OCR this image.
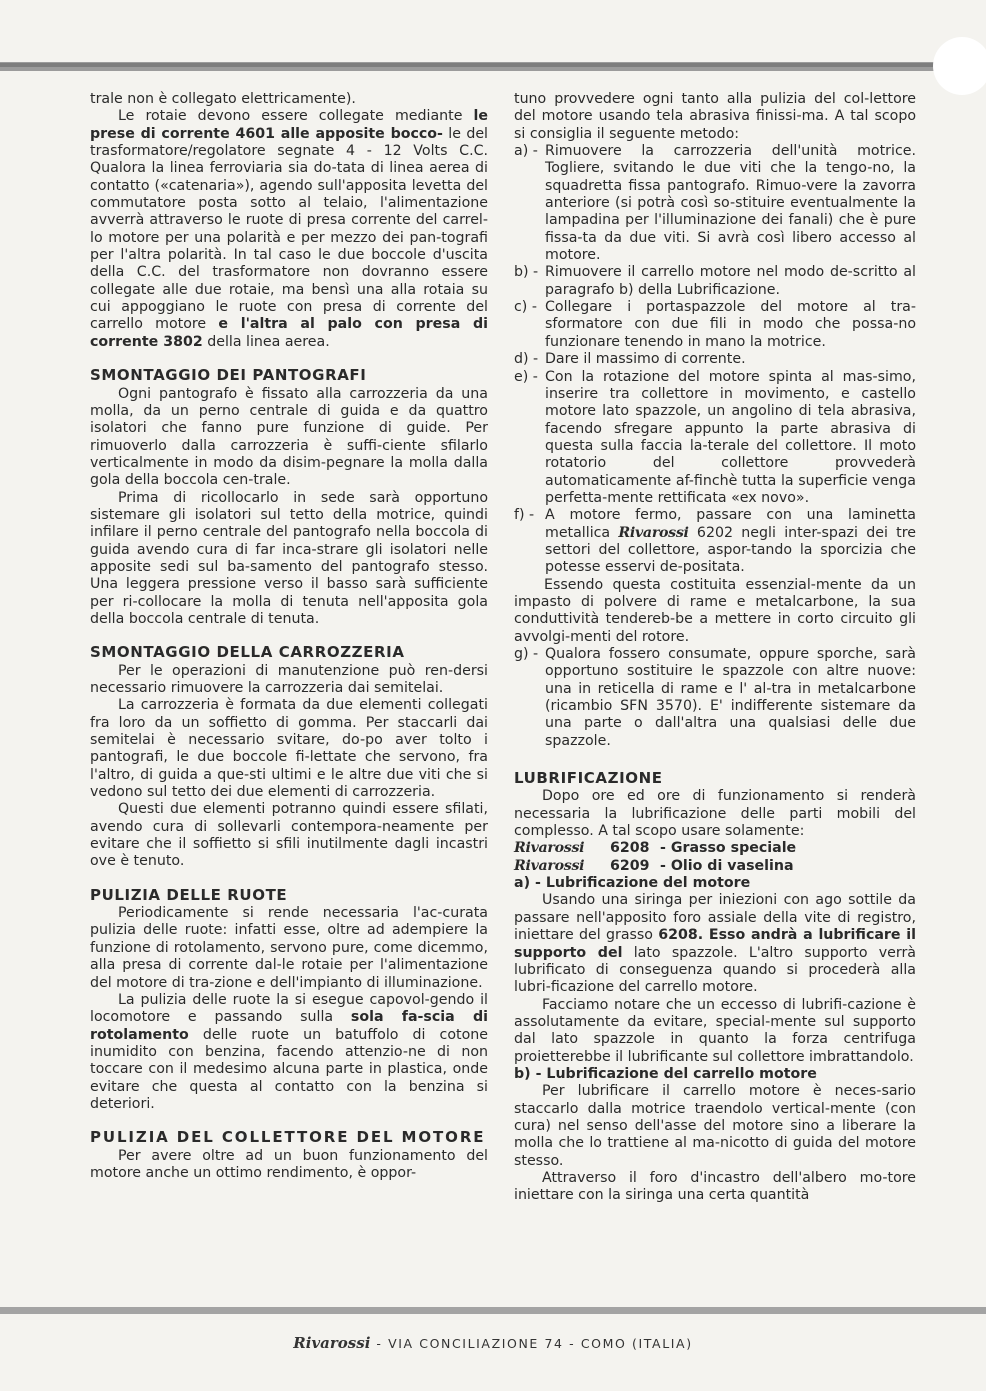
trale non è collegato elettricamente).

Le rotaie devono essere collegate mediante le prese di corrente 4601 alle apposite bocco- le del trasformatore/regolatore segnate 4 - 12 Volts C.C. Qualora la linea ferroviaria sia do-tata di linea aerea di contatto («catenaria»), agendo sull'apposita levetta del commutatore posta sotto al telaio, l'alimentazione avverrà attraverso le ruote di presa corrente del carrel-lo motore per una polarità e per mezzo dei pan-tografi per l'altra polarità. In tal caso le due boccole d'uscita della C.C. del trasformatore non dovranno essere collegate alle due rotaie, ma bensì una alla rotaia su cui appoggiano le ruote con presa di corrente del carrello motore e l'altra al palo con presa di corrente 3802 della linea aerea.

SMONTAGGIO DEI PANTOGRAFI

Ogni pantografo è fissato alla carrozzeria da una molla, da un perno centrale di guida e da quattro isolatori che fanno pure funzione di guide. Per rimuoverlo dalla carrozzeria è suffi-ciente sfilarlo verticalmente in modo da disim-pegnare la molla dalla gola della boccola cen-trale.

Prima di ricollocarlo in sede sarà opportuno sistemare gli isolatori sul tetto della motrice, quindi infilare il perno centrale del pantografo nella boccola di guida avendo cura di far inca-strare gli isolatori nelle apposite sedi sul ba-samento del pantografo stesso. Una leggera pressione verso il basso sarà sufficiente per ri-collocare la molla di tenuta nell'apposita gola della boccola centrale di tenuta.

SMONTAGGIO DELLA CARROZZERIA

Per le operazioni di manutenzione può ren-dersi necessario rimuovere la carrozzeria dai semitelai.

La carrozzeria è formata da due elementi collegati fra loro da un soffietto di gomma. Per staccarli dai semitelai è necessario svitare, do-po aver tolto i pantografi, le due boccole fi-lettate che servono, fra l'altro, di guida a que-sti ultimi e le altre due viti che si vedono sul tetto dei due elementi di carrozzeria.

Questi due elementi potranno quindi essere sfilati, avendo cura di sollevarli contempora-neamente per evitare che il soffietto si sfili inutilmente dagli incastri ove è tenuto.

PULIZIA DELLE RUOTE

Periodicamente si rende necessaria l'ac-curata pulizia delle ruote: infatti esse, oltre ad adempiere la funzione di rotolamento, servono pure, come dicemmo, alla presa di corrente dal-le rotaie per l'alimentazione del motore di tra-zione e dell'impianto di illuminazione.

La pulizia delle ruote la si esegue capovol-gendo il locomotore e passando sulla sola fa-scia di rotolamento delle ruote un batuffolo di cotone inumidito con benzina, facendo attenzio-ne di non toccare con il medesimo alcuna parte in plastica, onde evitare che questa al contatto con la benzina si deteriori.

PULIZIA DEL COLLETTORE DEL MOTORE

Per avere oltre ad un buon funzionamento del motore anche un ottimo rendimento, è oppor-

tuno provvedere ogni tanto alla pulizia del col-lettore del motore usando tela abrasiva finissi-ma. A tal scopo si consiglia il seguente metodo:

a) - Rimuovere la carrozzeria dell'unità motrice. Togliere, svitando le due viti che la tengo-no, la squadretta fissa pantografo. Rimuo-vere la zavorra anteriore (si potrà così so-stituire eventualmente la lampadina per l'illuminazione dei fanali) che è pure fissa-ta da due viti. Si avrà così libero accesso al motore.
b) - Rimuovere il carrello motore nel modo de-scritto al paragrafo b) della Lubrificazione.
c) - Collegare i portaspazzole del motore al tra-sformatore con due fili in modo che possa-no funzionare tenendo in mano la motrice.
d) - Dare il massimo di corrente.
e) - Con la rotazione del motore spinta al mas-simo, inserire tra collettore in movimento, e castello motore lato spazzole, un angolino di tela abrasiva, facendo sfregare appunto la parte abrasiva di questa sulla faccia la-terale del collettore. Il moto rotatorio del collettore provvederà automaticamente af-finchè tutta la superficie venga perfetta-mente rettificata «ex novo».
f) - A motore fermo, passare con una laminetta metallica Rivarossi 6202 negli inter-spazi dei tre settori del collettore, aspor-tando la sporcizia che potesse esservi de-positata.

Essendo questa costituita essenzial-mente da un impasto di polvere di rame e metalcarbone, la sua conduttività tendereb-be a mettere in corto circuito gli avvolgi-menti del rotore.

g) - Qualora fossero consumate, oppure sporche, sarà opportuno sostituire le spazzole con altre nuove: una in reticella di rame e l' al-tra in metalcarbone (ricambio SFN 3570). E' indifferente sistemare da una parte o dall'altra una qualsiasi delle due spazzole.
LUBRIFICAZIONE

Dopo ore ed ore di funzionamento si renderà necessaria la lubrificazione delle parti mobili del complesso. A tal scopo usare solamente:

Rivarossi 6208 - Grasso speciale
Rivarossi 6209 - Olio di vaselina
a) - Lubrificazione del motore

Usando una siringa per iniezioni con ago sottile da passare nell'apposito foro assiale della vite di registro, iniettare del grasso 6208. Esso andrà a lubrificare il supporto del lato spazzole. L'altro supporto verrà lubrificato di conseguenza quando si procederà alla lubri-ficazione del carrello motore.

Facciamo notare che un eccesso di lubrifi-cazione è assolutamente da evitare, special-mente sul supporto dal lato spazzole in quanto la forza centrifuga proietterebbe il lubrificante sul collettore imbrattandolo.

b) - Lubrificazione del carrello motore

Per lubrificare il carrello motore è neces-sario staccarlo dalla motrice traendolo vertical-mente (con cura) nel senso dell'asse del motore sino a liberare la molla che lo trattiene al ma-nicotto di guida del motore stesso.

Attraverso il foro d'incastro dell'albero mo-tore iniettare con la siringa una certa quantità

Rivarossi - VIA CONCILIAZIONE 74 - COMO (ITALIA)
